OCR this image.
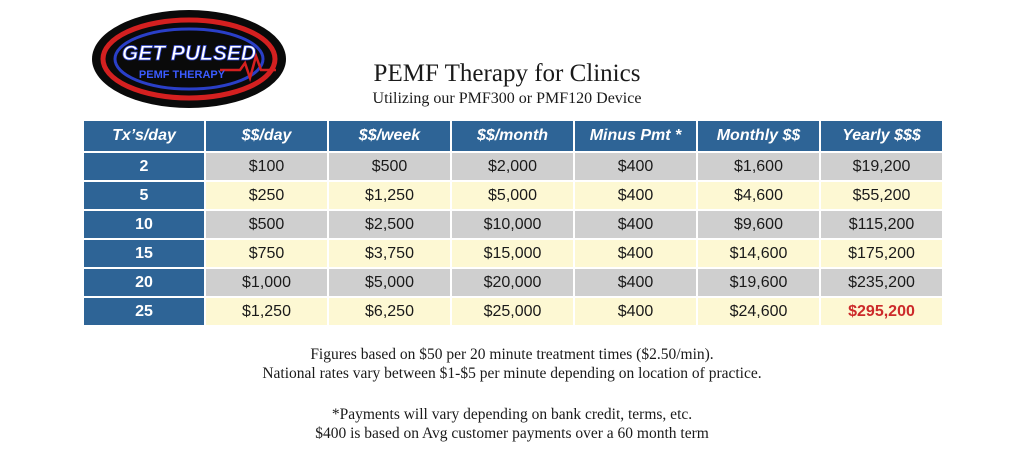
GET PULSED
PEMF THERAPY	PEMF Therapy for Clinics
Utilizing our PMF300 or PMF120 Device
Tx’s/day	$$/day	$$/week	$$/month	Minus Pmt *	Monthly $$	Yearly $$$
2	$100	$500	$2,000	$400	$1,600	$19,200
5	$250	$1,250	$5,000	$400	$4,600	$55,200
10	$500	$2,500	$10,000	$400	$9,600	$115,200
15	$750	$3,750	$15,000	$400	$14,600	$175,200
20	$1,000	$5,000	$20,000	$400	$19,600	$235,200
25	$1,250	$6,250	$25,000	$400	$24,600	$295,200
Figures based on $50 per 20 minute treatment times ($2.50/min).
National rates vary between $1-$5 per minute depending on location of practice.
*Payments will vary depending on bank credit, terms, etc.
$400 is based on Avg customer payments over a 60 month term
